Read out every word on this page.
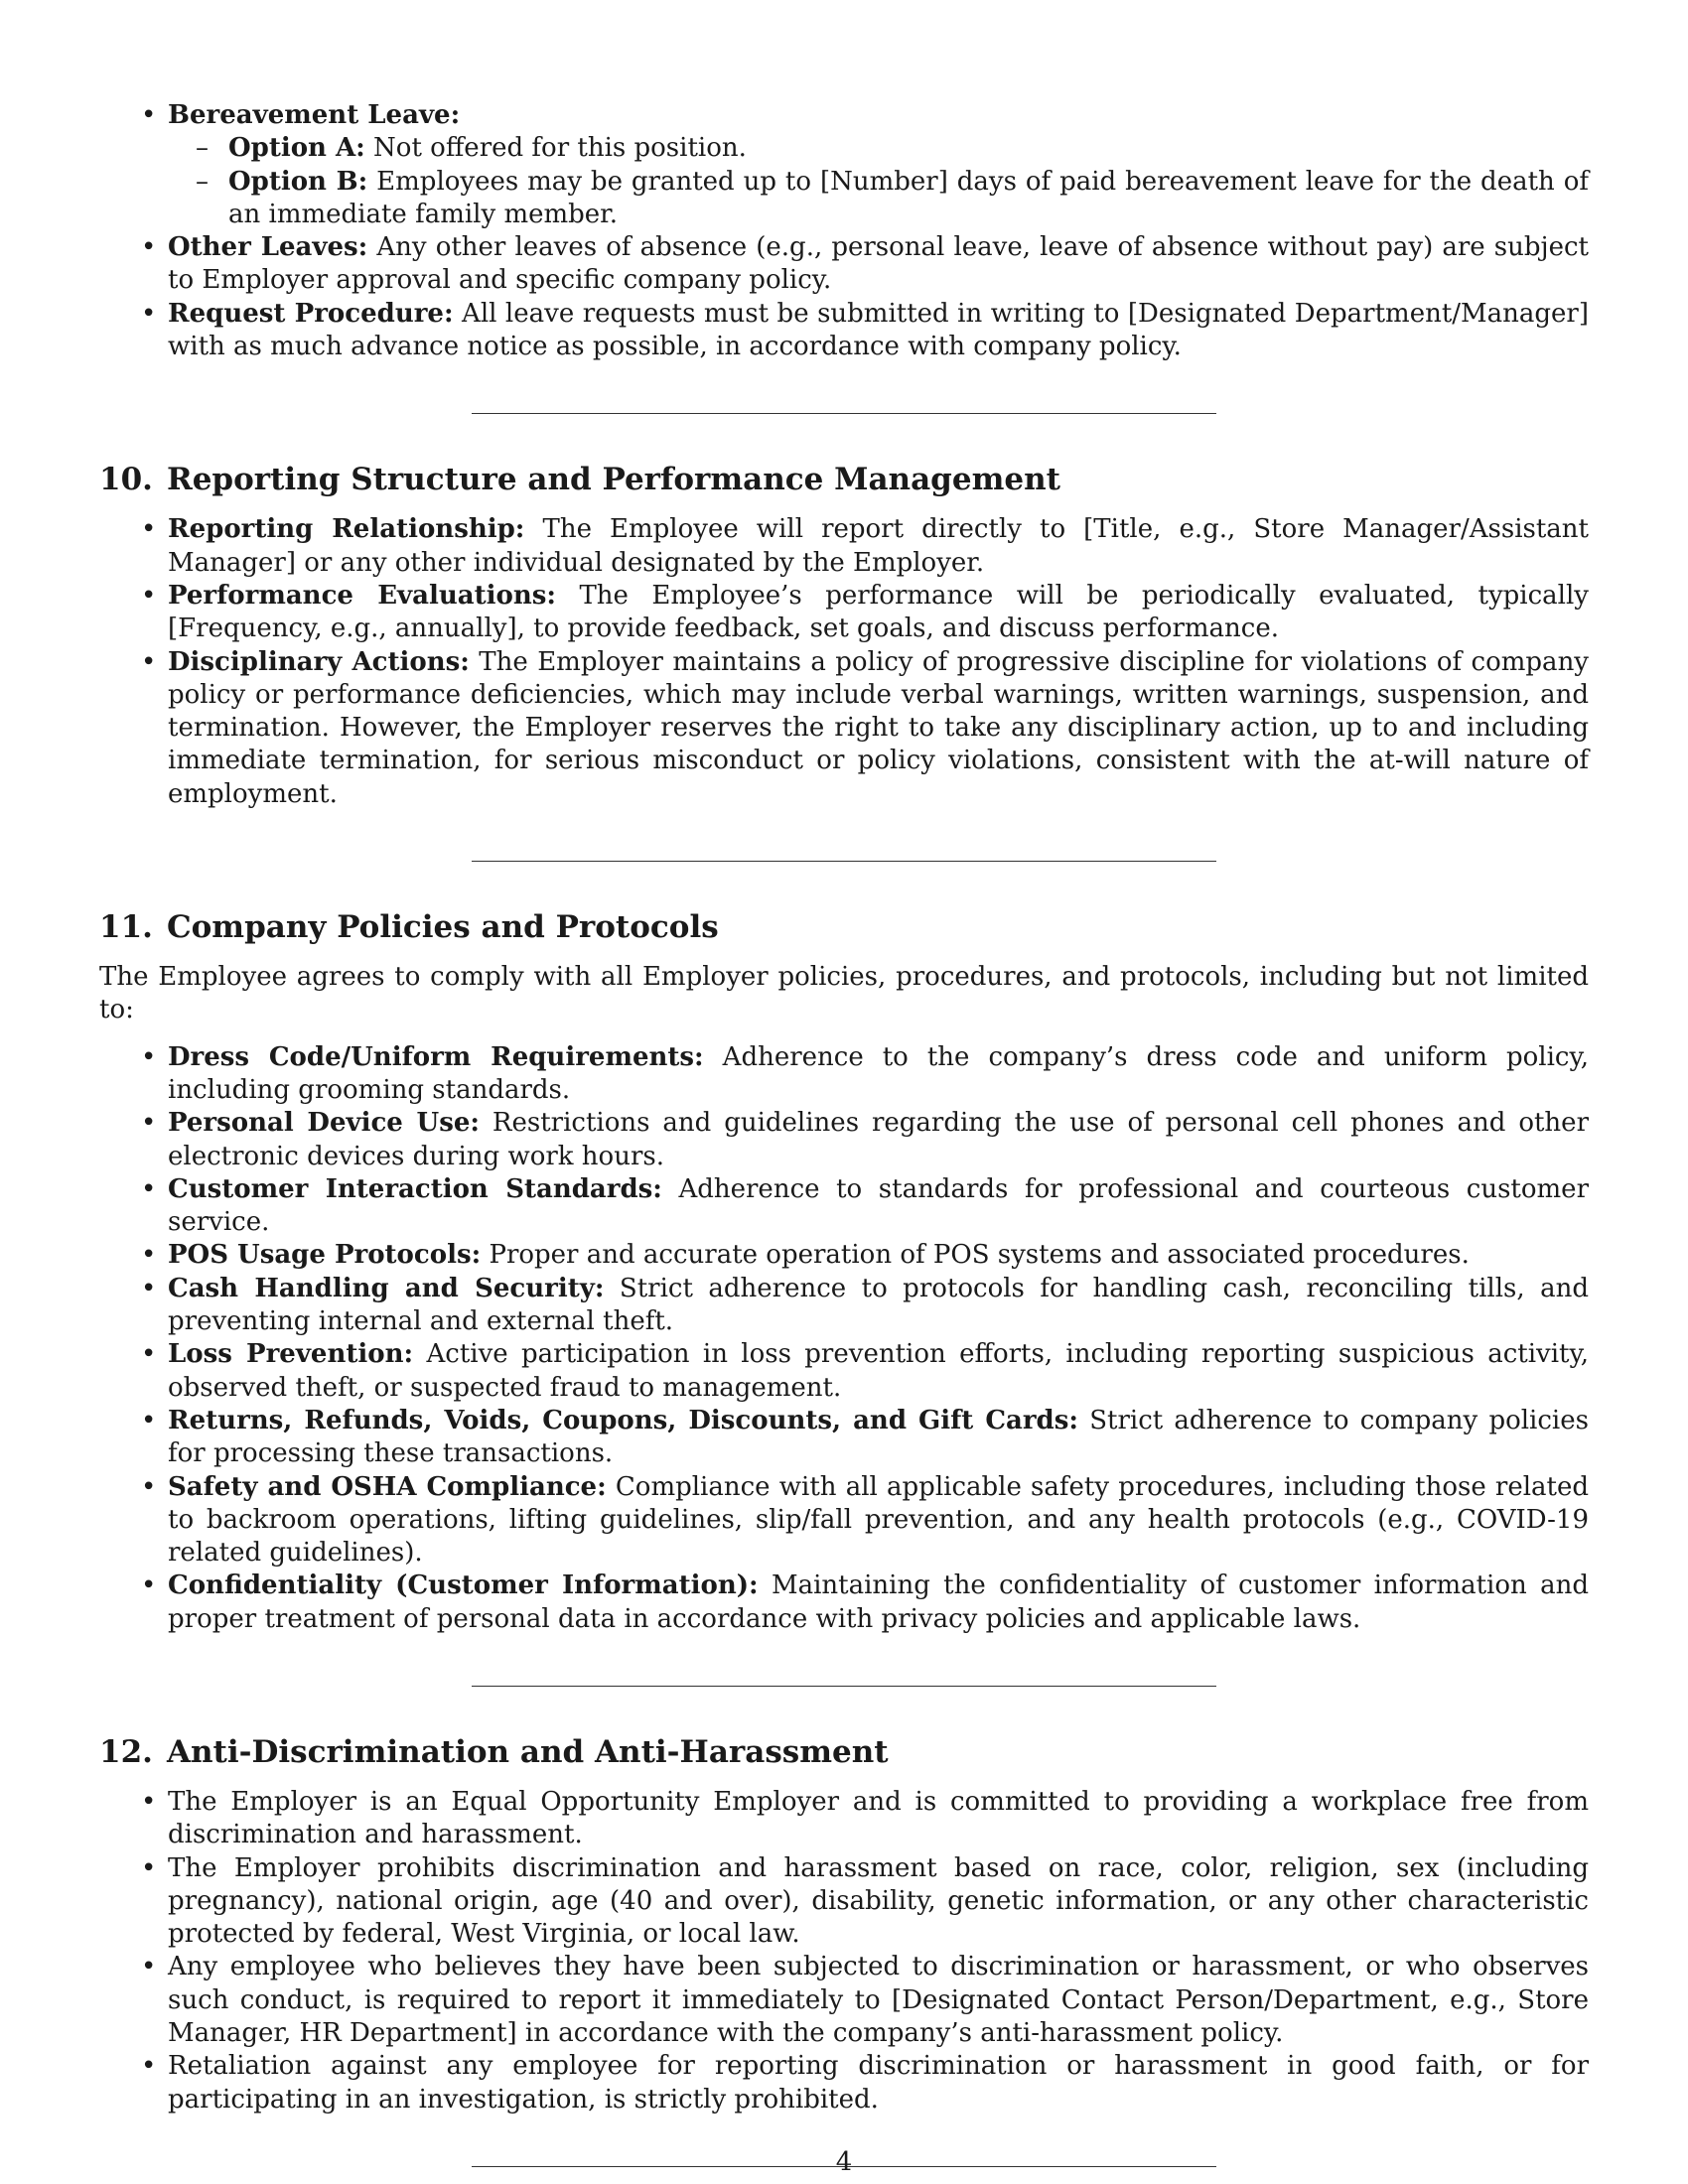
• Bereavement Leave:
– Option A: Not offered for this position.
– Option B: Employees may be granted up to [Number] days of paid bereavement leave for the death of an immediate family member.
• Other Leaves: Any other leaves of absence (e.g., personal leave, leave of absence without pay) are subject to Employer approval and specific company policy.
• Request Procedure: All leave requests must be submitted in writing to [Designated Department/Manager] with as much advance notice as possible, in accordance with company policy.
10. Reporting Structure and Performance Management
• Reporting Relationship: The Employee will report directly to [Title, e.g., Store Manager/Assistant Manager] or any other individual designated by the Employer.
• Performance Evaluations: The Employee’s performance will be periodically evaluated, typically [Frequency, e.g., annually], to provide feedback, set goals, and discuss performance.
• Disciplinary Actions: The Employer maintains a policy of progressive discipline for violations of company policy or performance deficiencies, which may include verbal warnings, written warnings, suspension, and termination. However, the Employer reserves the right to take any disciplinary action, up to and including immediate termination, for serious misconduct or policy violations, consistent with the at-will nature of employment.
11. Company Policies and Protocols

The Employee agrees to comply with all Employer policies, procedures, and protocols, including but not limited to:

• Dress Code/Uniform Requirements: Adherence to the company’s dress code and uniform policy, including grooming standards.
• Personal Device Use: Restrictions and guidelines regarding the use of personal cell phones and other electronic devices during work hours.
• Customer Interaction Standards: Adherence to standards for professional and courteous customer service.
• POS Usage Protocols: Proper and accurate operation of POS systems and associated procedures.
• Cash Handling and Security: Strict adherence to protocols for handling cash, reconciling tills, and preventing internal and external theft.
• Loss Prevention: Active participation in loss prevention efforts, including reporting suspicious activity, observed theft, or suspected fraud to management.
• Returns, Refunds, Voids, Coupons, Discounts, and Gift Cards: Strict adherence to company policies for processing these transactions.
• Safety and OSHA Compliance: Compliance with all applicable safety procedures, including those related to backroom operations, lifting guidelines, slip/fall prevention, and any health protocols (e.g., COVID-19 related guidelines).
• Confidentiality (Customer Information): Maintaining the confidentiality of customer information and proper treatment of personal data in accordance with privacy policies and applicable laws.
12. Anti-Discrimination and Anti-Harassment
• The Employer is an Equal Opportunity Employer and is committed to providing a workplace free from discrimination and harassment.
• The Employer prohibits discrimination and harassment based on race, color, religion, sex (including pregnancy), national origin, age (40 and over), disability, genetic information, or any other characteristic protected by federal, West Virginia, or local law.
• Any employee who believes they have been subjected to discrimination or harassment, or who observes such conduct, is required to report it immediately to [Designated Contact Person/Department, e.g., Store Manager, HR Department] in accordance with the company’s anti-harassment policy.
• Retaliation against any employee for reporting discrimination or harassment in good faith, or for participating in an investigation, is strictly prohibited.
4
